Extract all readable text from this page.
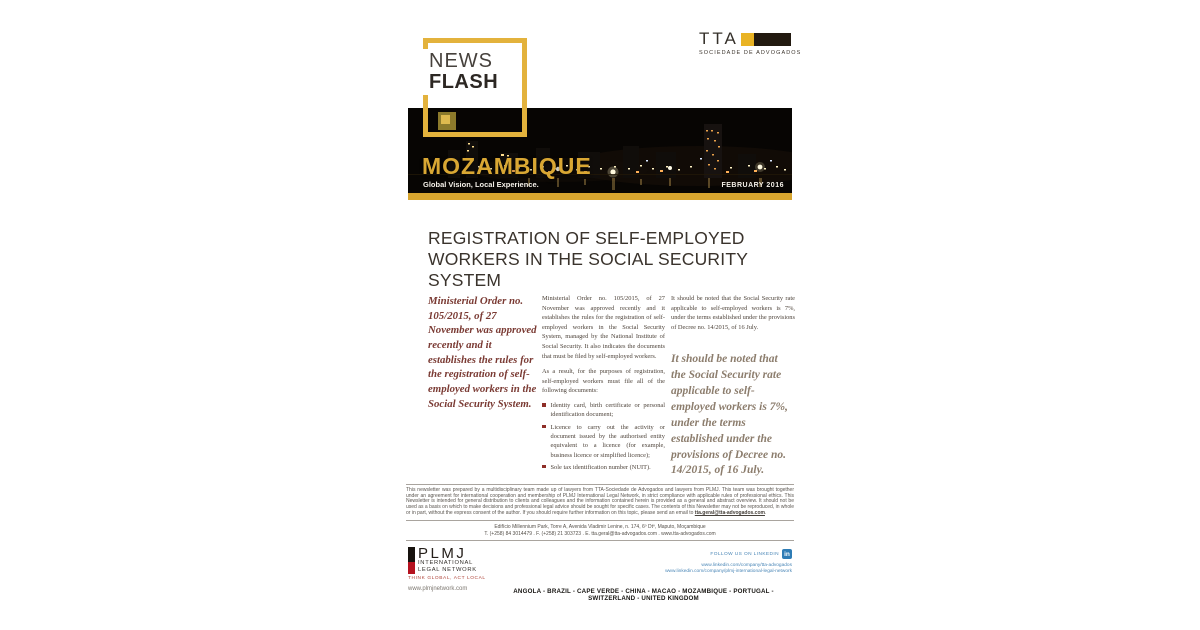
NEWS
FLASH
TTA
SOCIEDADE DE ADVOGADOS
MOZAMBIQUE
Global Vision, Local Experience.	FEBRUARY 2016
REGISTRATION OF SELF-EMPLOYED
WORKERS IN THE SOCIAL SECURITY SYSTEM
Ministerial Order no. 105/2015, of 27 November was approved recently and it establishes the rules for the registration of self-employed workers in the Social Security System.
Ministerial Order no. 105/2015, of 27 November was approved recently and it establishes the rules for the registration of self-employed workers in the Social Security System, managed by the National Institute of Social Security. It also indicates the documents that must be filed by self-employed workers.
As a result, for the purposes of registration, self-employed workers must file all of the following documents:
Identity card, birth certificate or personal identification document;
Licence to carry out the activity or document issued by the authorised entity equivalent to a licence (for example, business licence or simplified licence);
Sole tax identification number (NUIT).
It should be noted that the Social Security rate applicable to self-employed workers is 7%, under the terms established under the provisions of Decree no. 14/2015, of 16 July.
It should be noted that the Social Security rate applicable to self-employed workers is 7%, under the terms established under the provisions of Decree no. 14/2015, of 16 July.
This newsletter was prepared by a multidisciplinary team made up of lawyers from TTA-Sociedade de Advogados and lawyers from PLMJ. This team was brought together under an agreement for international cooperation and membership of PLMJ International Legal Network, in strict compliance with applicable rules of professional ethics. This Newsletter is intended for general distribution to clients and colleagues and the information contained herein is provided as a general and abstract overview. It should not be used as a basis on which to make decisions and professional legal advice should be sought for specific cases. The contents of this Newsletter may not be reproduced, in whole or in part, without the express consent of the author. If you should require further information on this topic, please send an email to tta.geral@tta-advogados.com.
Edifício Millennium Park, Torre A, Avenida Vladimir Lenine, n. 174, 6º Dtº, Maputo, Moçambique
T. (+258) 84 3014479 . F. (+258) 21 303723 . E. tta.geral@tta-advogados.com . www.tta-advogados.com
PLMJ
INTERNATIONAL
LEGAL NETWORK
THINK GLOBAL, ACT LOCAL
www.plmjnetwork.com
FOLLOW US ON LINKEDIN in
www.linkedin.com/company/tta-advogados
www.linkedin.com/company/plmj-international-legal-network
ANGOLA - BRAZIL - CAPE VERDE - CHINA - MACAO - MOZAMBIQUE - PORTUGAL - SWITZERLAND - UNITED KINGDOM
